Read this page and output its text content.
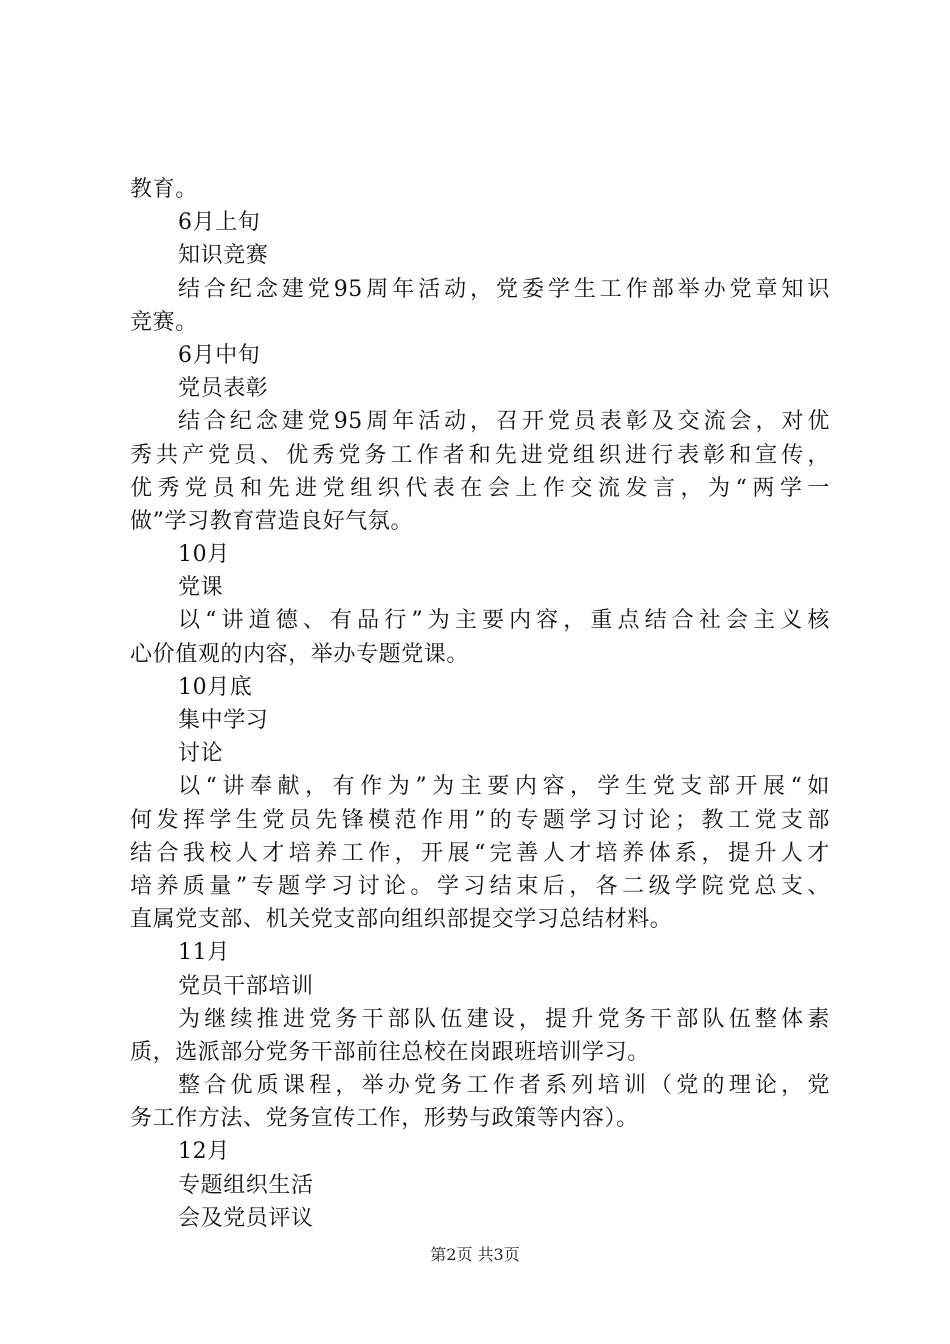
教育。
6月上旬
知识竞赛
结合纪念建党95周年活动，党委学生工作部举办党章知识
竞赛。
6月中旬
党员表彰
结合纪念建党95周年活动，召开党员表彰及交流会，对优
秀共产党员、优秀党务工作者和先进党组织进行表彰和宣传，
优秀党员和先进党组织代表在会上作交流发言，为“两学一
做”学习教育营造良好气氛。
10月
党课
以“讲道德、有品行”为主要内容，重点结合社会主义核
心价值观的内容，举办专题党课。
10月底
集中学习
讨论
以“讲奉献，有作为”为主要内容，学生党支部开展“如
何发挥学生党员先锋模范作用”的专题学习讨论；教工党支部
结合我校人才培养工作，开展“完善人才培养体系，提升人才
培养质量”专题学习讨论。学习结束后，各二级学院党总支、
直属党支部、机关党支部向组织部提交学习总结材料。
11月
党员干部培训
为继续推进党务干部队伍建设，提升党务干部队伍整体素
质，选派部分党务干部前往总校在岗跟班培训学习。
整合优质课程，举办党务工作者系列培训（党的理论，党
务工作方法、党务宣传工作，形势与政策等内容）。
12月
专题组织生活
会及党员评议
第2页 共3页
